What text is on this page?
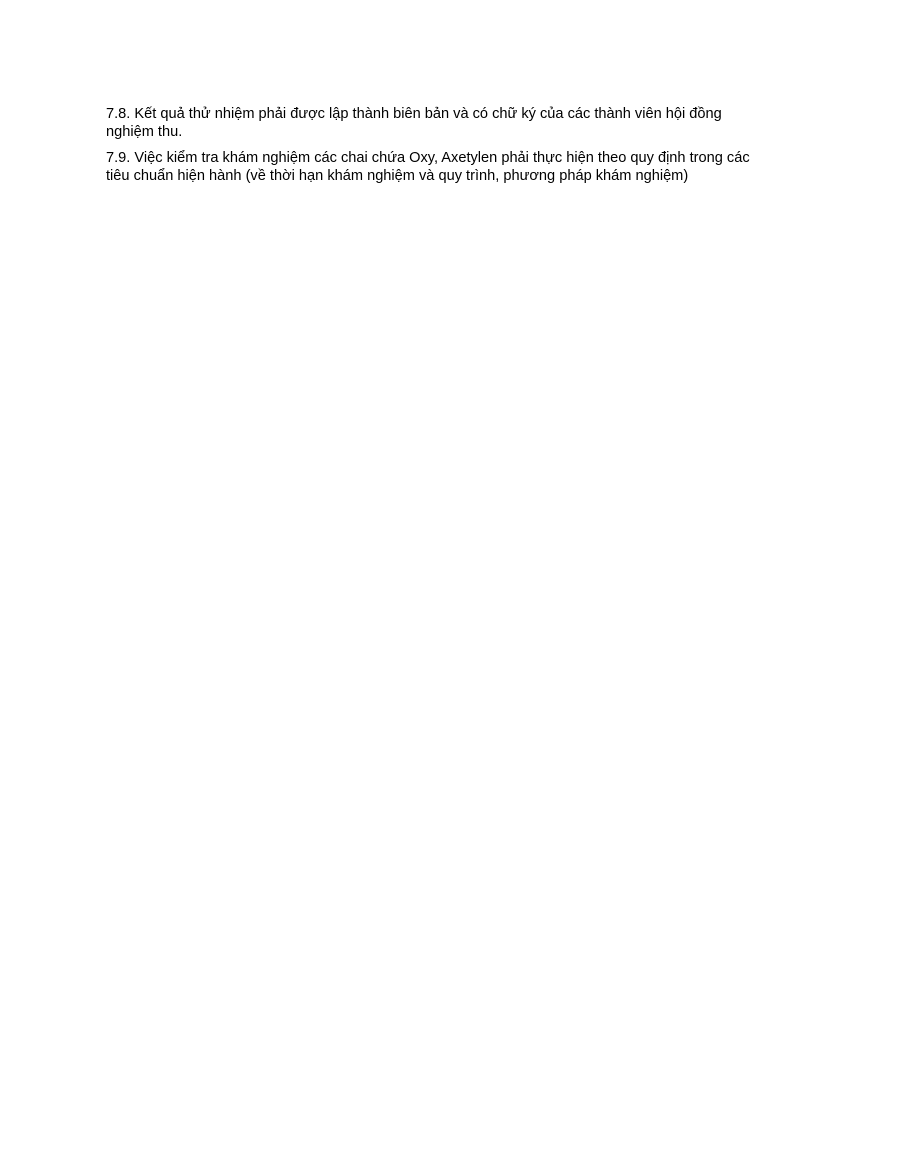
7.8. Kết quả thử nhiệm phải được lập thành biên bản và có chữ ký của các thành viên hội đồng
nghiệm thu.

7.9. Việc kiểm tra khám nghiệm các chai chứa Oxy, Axetylen phải thực hiện theo quy định trong các
tiêu chuẩn hiện hành (về thời hạn khám nghiệm và quy trình, phương pháp khám nghiệm)
